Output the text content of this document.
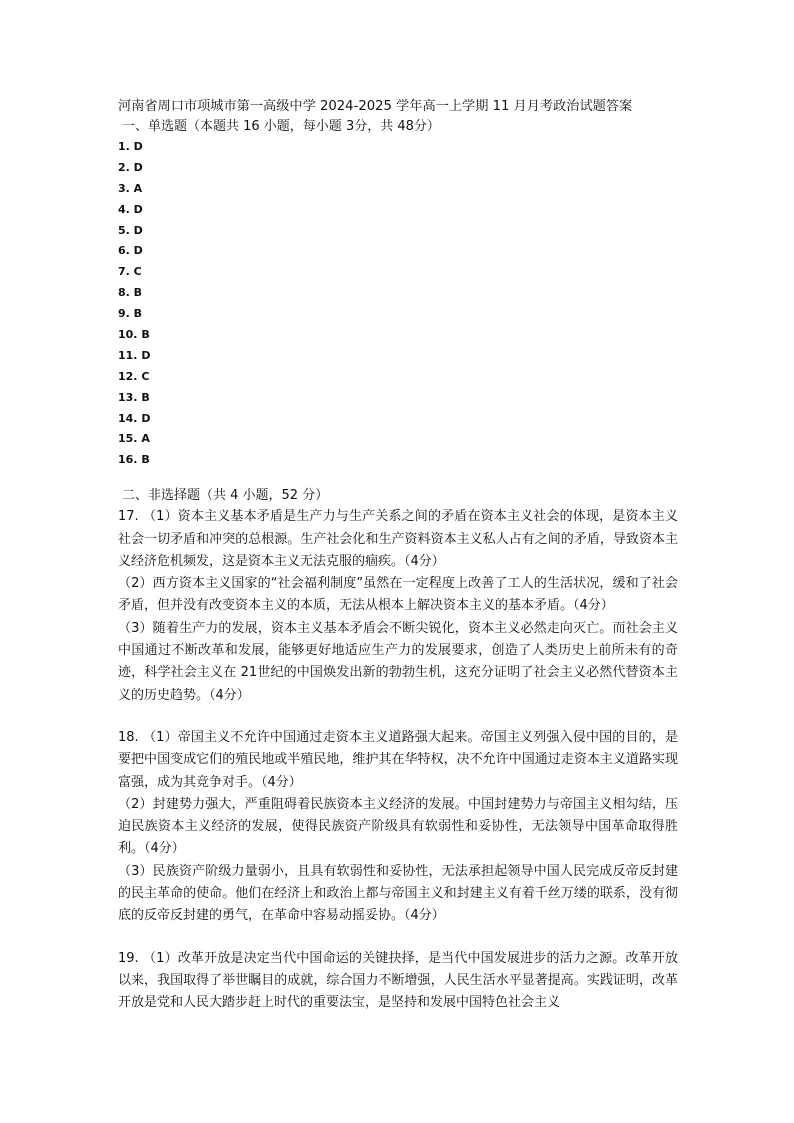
河南省周口市项城市第一高级中学 2024-2025 学年高一上学期 11 月月考政治试题答案
一、单选题（本题共 16 小题，每小题 3分，共 48分）
1. D
2. D
3. A
4. D
5. D
6. D
7. C
8. B
9. B
10. B
11. D
12. C
13. B
14. D
15. A
16. B
二、非选择题（共 4 小题，52 分）

17. （1）资本主义基本矛盾是生产力与生产关系之间的矛盾在资本主义社会的体现，是资本主义社会一切矛盾和冲突的总根源。生产社会化和生产资料资本主义私人占有之间的矛盾，导致资本主义经济危机频发，这是资本主义无法克服的痼疾。（4分）

（2）西方资本主义国家的“社会福利制度”虽然在一定程度上改善了工人的生活状况，缓和了社会矛盾，但并没有改变资本主义的本质，无法从根本上解决资本主义的基本矛盾。（4分）

（3）随着生产力的发展，资本主义基本矛盾会不断尖锐化，资本主义必然走向灭亡。而社会主义中国通过不断改革和发展，能够更好地适应生产力的发展要求，创造了人类历史上前所未有的奇迹，科学社会主义在 21世纪的中国焕发出新的勃勃生机，这充分证明了社会主义必然代替资本主义的历史趋势。（4分）

18. （1）帝国主义不允许中国通过走资本主义道路强大起来。帝国主义列强入侵中国的目的，是要把中国变成它们的殖民地或半殖民地，维护其在华特权，决不允许中国通过走资本主义道路实现富强，成为其竞争对手。（4分）

（2）封建势力强大，严重阻碍着民族资本主义经济的发展。中国封建势力与帝国主义相勾结，压迫民族资本主义经济的发展，使得民族资产阶级具有软弱性和妥协性，无法领导中国革命取得胜利。（4分）

（3）民族资产阶级力量弱小，且具有软弱性和妥协性，无法承担起领导中国人民完成反帝反封建的民主革命的使命。他们在经济上和政治上都与帝国主义和封建主义有着千丝万缕的联系，没有彻底的反帝反封建的勇气，在革命中容易动摇妥协。（4分）

19. （1）改革开放是决定当代中国命运的关键抉择，是当代中国发展进步的活力之源。改革开放以来，我国取得了举世瞩目的成就，综合国力不断增强，人民生活水平显著提高。实践证明，改革开放是党和人民大踏步赶上时代的重要法宝，是坚持和发展中国特色社会主义
